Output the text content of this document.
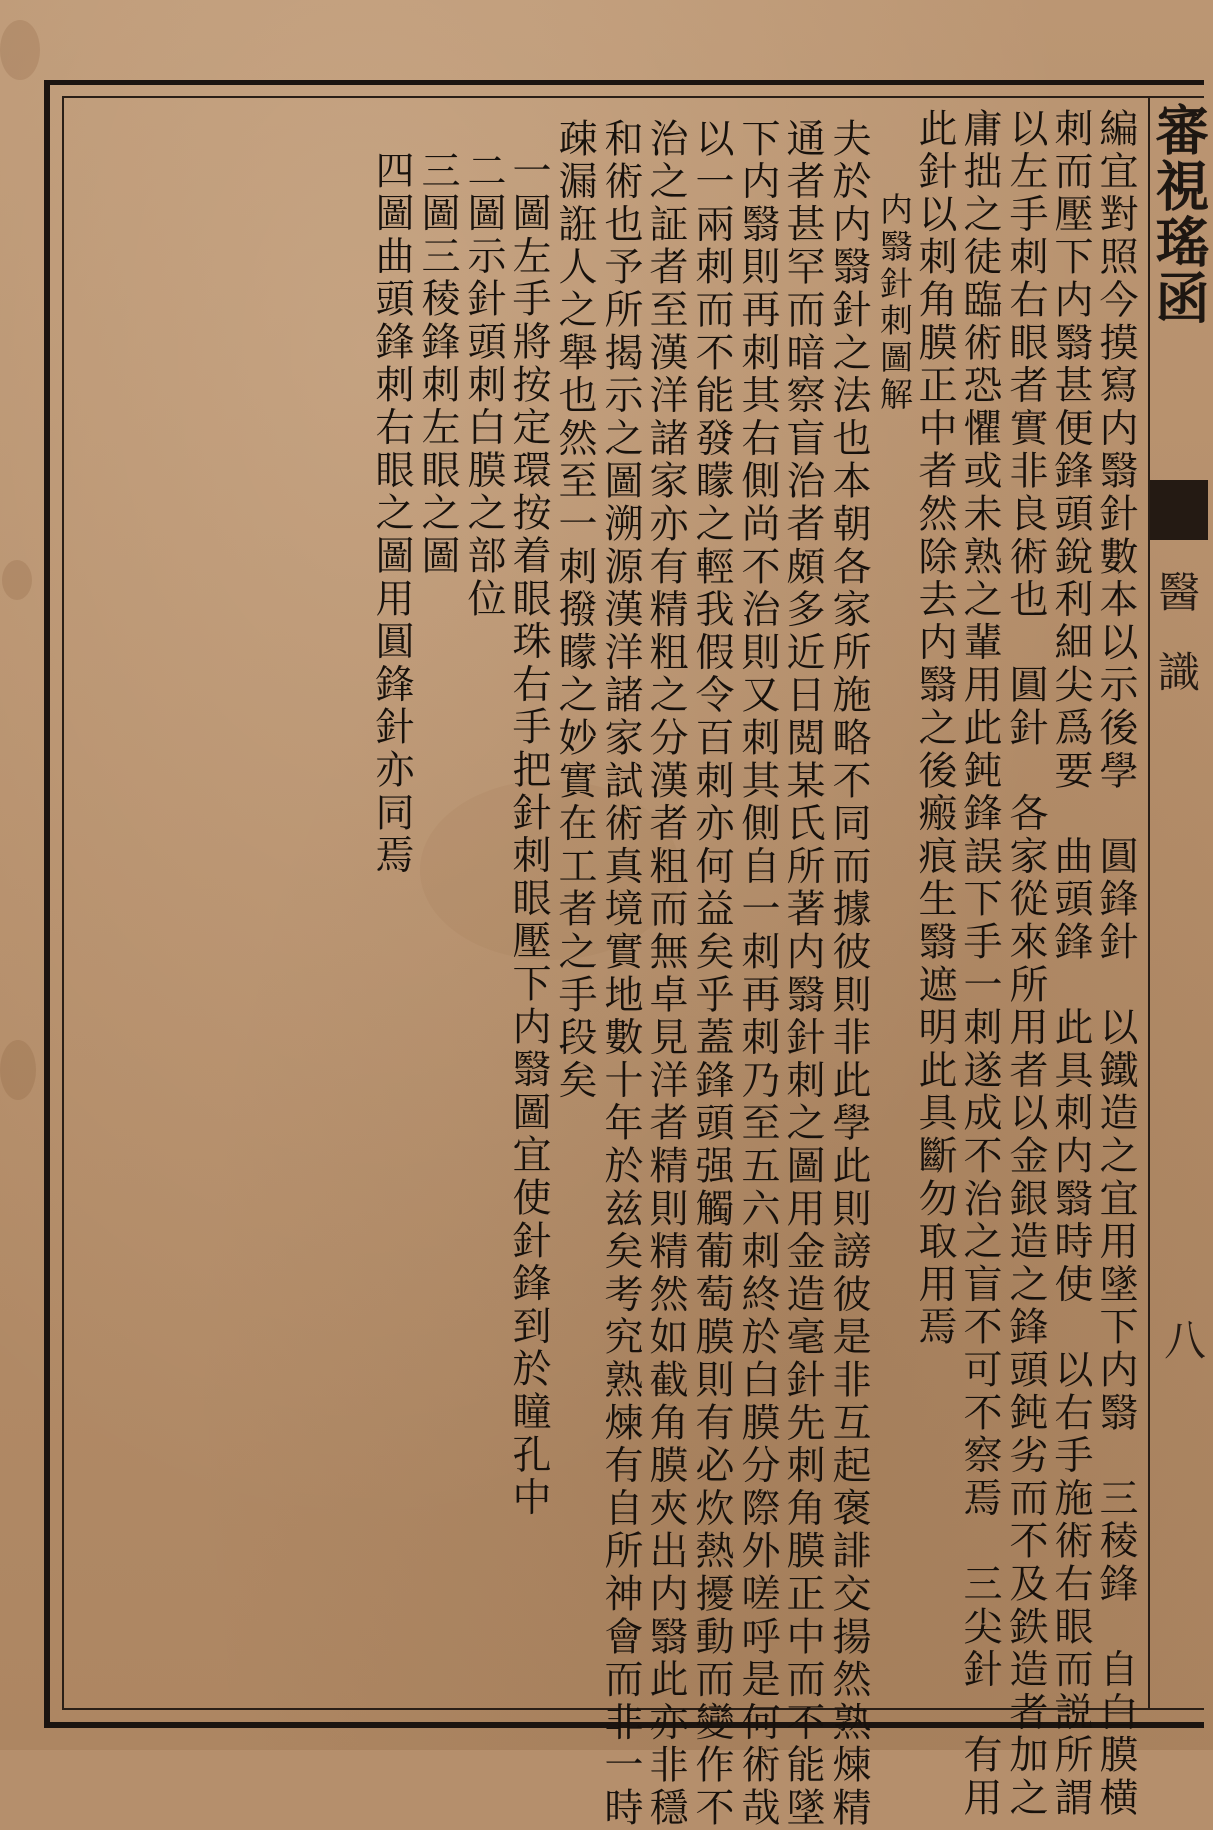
審視瑤函
醫
識
八
編宜對照今摸寫内翳針數本以示後學　圓鋒針　以鐵造之宜用墜下内翳　三稜鋒　自白膜横
刺而壓下内翳甚便鋒頭銳利細尖爲要　曲頭鋒　此具刺内翳時使　以右手施術右眼而説所謂
以左手刺右眼者實非良術也　圓針　各家從來所用者以金銀造之鋒頭鈍劣而不及鉄造者加之
庸拙之徒臨術恐懼或未熟之輩用此鈍鋒誤下手一刺遂成不治之盲不可不察焉　三尖針　有用
此針以刺角膜正中者然除去内翳之後瘢痕生翳遮明此具斷勿取用焉
内翳針刺圖解
夫於内翳針之法也本朝各家所施略不同而據彼則非此學此則謗彼是非互起褒誹交揚然熟煉精
通者甚罕而暗察盲治者頗多近日閲某氏所著内翳針刺之圖用金造毫針先刺角膜正中而不能墜
下内翳則再刺其右側尚不治則又刺其側自一刺再刺乃至五六刺終於白膜分際外嗟呼是何術哉
以一兩刺而不能發矇之輕我假令百刺亦何益矣乎蓋鋒頭强觸葡萄膜則有必炊熱擾動而變作不
治之証者至漢洋諸家亦有精粗之分漢者粗而無卓見洋者精則精然如截角膜夾出内翳此亦非穩
和術也予所揭示之圖溯源漢洋諸家試術真境實地數十年於兹矣考究熟煉有自所神會而非一時
疎漏誑人之舉也然至一刺撥矇之妙實在工者之手段矣
一圖左手將按定環按着眼珠右手把針刺眼壓下内翳圖宜使針鋒到於瞳孔中
二圖示針頭刺白膜之部位
三圖三稜鋒刺左眼之圖
四圖曲頭鋒刺右眼之圖用圓鋒針亦同焉
